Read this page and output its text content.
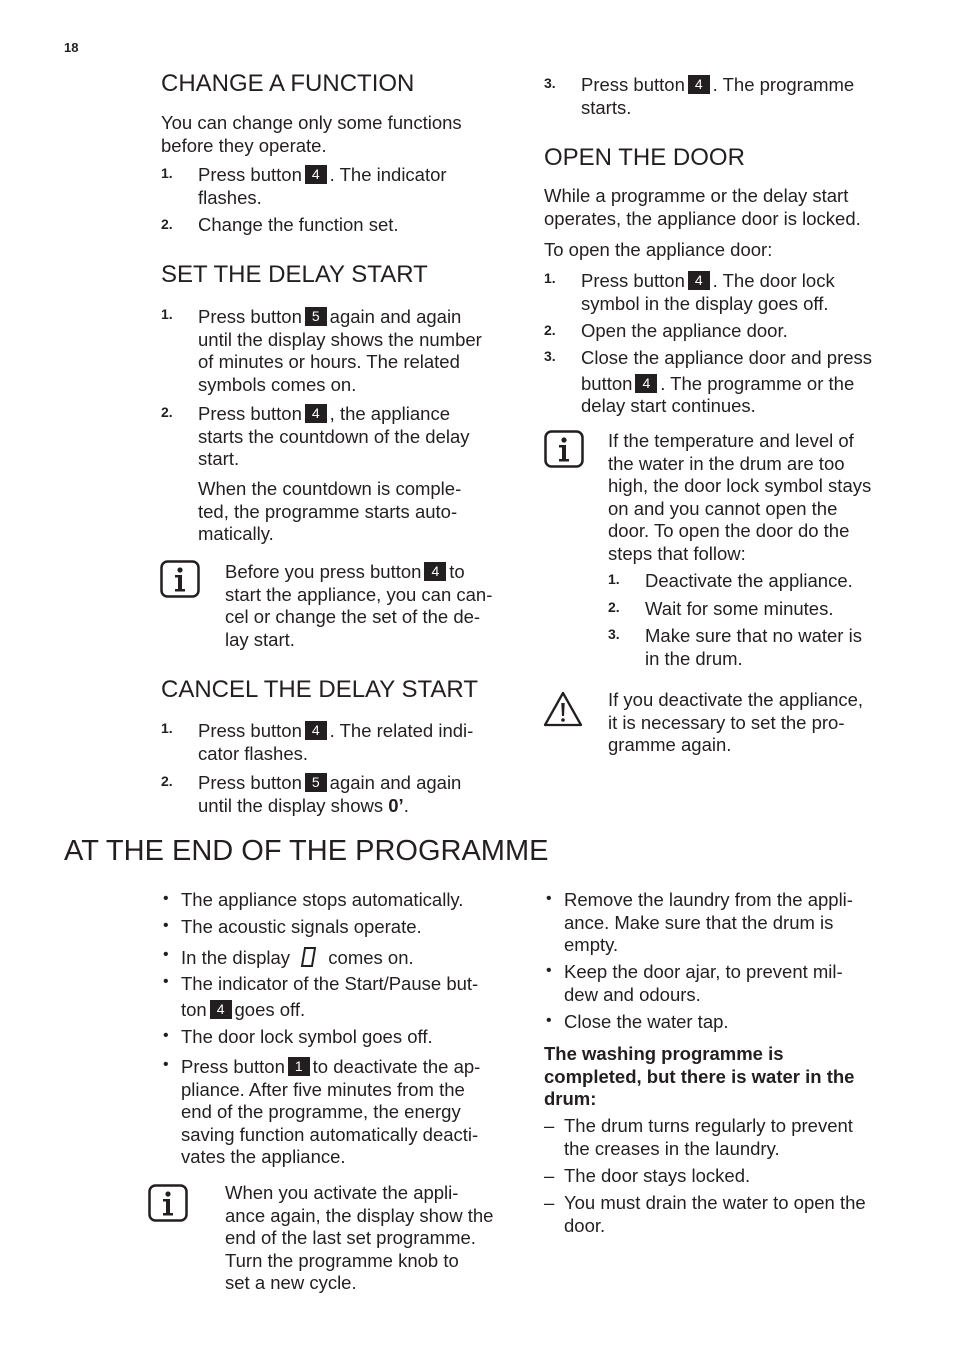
18
CHANGE A FUNCTION
You can change only some functions
before they operate.
1. Press button 4 . The indicator
flashes.
2. Change the function set.
SET THE DELAY START
1. Press button 5 again and again
until the display shows the number
of minutes or hours. The related
symbols comes on.
2. Press button 4 , the appliance
starts the countdown of the delay
start.
When the countdown is comple-
ted, the programme starts auto-
matically.
Before you press button 4 to
start the appliance, you can can-
cel or change the set of the de-
lay start.
CANCEL THE DELAY START
1. Press button 4 . The related indi-
cator flashes.
2. Press button 5 again and again
until the display shows 0’.
3. Press button 4 . The programme
starts.
OPEN THE DOOR
While a programme or the delay start
operates, the appliance door is locked.
To open the appliance door:
1. Press button 4 . The door lock
symbol in the display goes off.
2. Open the appliance door.
3. Close the appliance door and press
button 4 . The programme or the
delay start continues.
If the temperature and level of
the water in the drum are too
high, the door lock symbol stays
on and you cannot open the
door. To open the door do the
steps that follow:
1. Deactivate the appliance.
2. Wait for some minutes.
3. Make sure that no water is
in the drum.
If you deactivate the appliance,
it is necessary to set the pro-
gramme again.
AT THE END OF THE PROGRAMME
• The appliance stops automatically.
• The acoustic signals operate.
• In the display comes on.
• The indicator of the Start/Pause but-
ton 4 goes off.
• The door lock symbol goes off.
• Press button 1 to deactivate the ap-
pliance. After five minutes from the
end of the programme, the energy
saving function automatically deacti-
vates the appliance.
When you activate the appli-
ance again, the display show the
end of the last set programme.
Turn the programme knob to
set a new cycle.
• Remove the laundry from the appli-
ance. Make sure that the drum is
empty.
• Keep the door ajar, to prevent mil-
dew and odours.
• Close the water tap.
The washing programme is
completed, but there is water in the
drum:
– The drum turns regularly to prevent
the creases in the laundry.
– The door stays locked.
– You must drain the water to open the
door.
